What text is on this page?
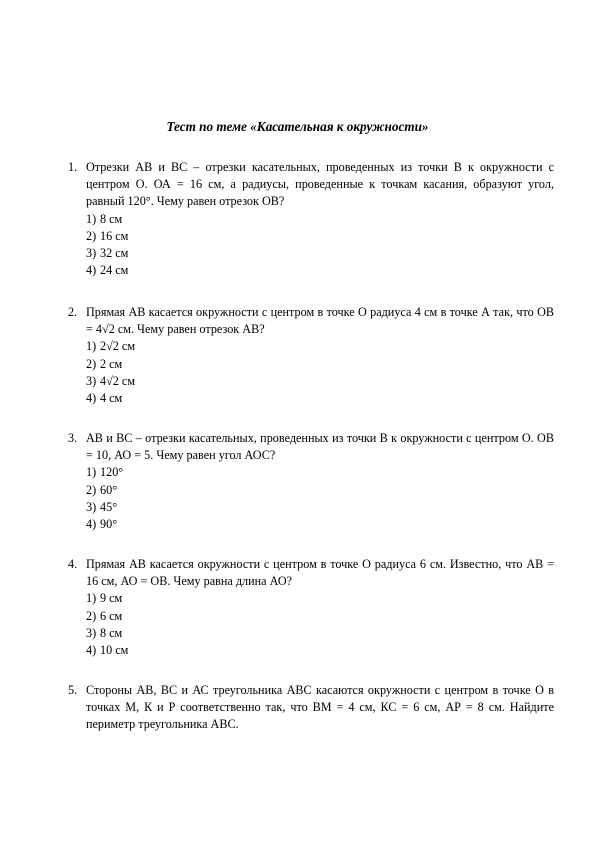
Тест по теме «Касательная к окружности»
1. Отрезки АВ и ВС – отрезки касательных, проведенных из точки В к окружности с центром О. ОА = 16 см, а радиусы, проведенные к точкам касания, образуют угол, равный 120°. Чему равен отрезок ОВ?
1) 8 см
2) 16 см
3) 32 см
4) 24 см
2. Прямая АВ касается окружности с центром в точке О радиуса 4 см в точке А так, что ОВ = 4√2 см. Чему равен отрезок АВ?
1) 2√2 см
2) 2 см
3) 4√2 см
4) 4 см
3. АВ и ВС – отрезки касательных, проведенных из точки В к окружности с центром О. ОВ = 10, АО = 5. Чему равен угол АОС?
1) 120°
2) 60°
3) 45°
4) 90°
4. Прямая АВ касается окружности с центром в точке О радиуса 6 см. Известно, что АВ = 16 см, АО = ОВ. Чему равна длина АО?
1) 9 см
2) 6 см
3) 8 см
4) 10 см
5. Стороны АВ, ВС и АС треугольника АВС касаются окружности с центром в точке О в точках М, К и Р соответственно так, что ВМ = 4 см, КС = 6 см, АР = 8 см. Найдите периметр треугольника АВС.
